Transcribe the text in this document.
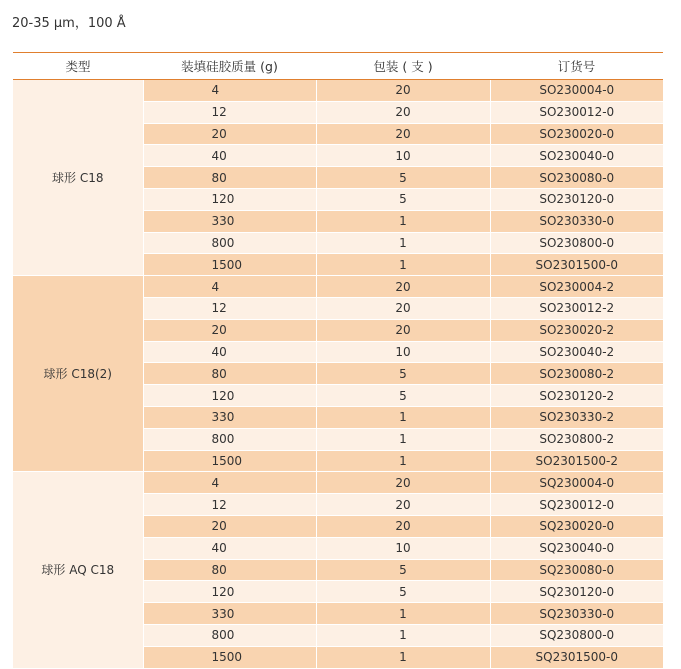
20-35 μm，100 Å
类型	装填硅胶质量 (g)	包装 ( 支 )	订货号
球形 C18	4	20	SO230004-0
	12	20	SO230012-0
	20	20	SO230020-0
	40	10	SO230040-0
	80	5	SO230080-0
	120	5	SO230120-0
	330	1	SO230330-0
	800	1	SO230800-0
	1500	1	SO2301500-0
球形 C18(2)	4	20	SO230004-2
	12	20	SO230012-2
	20	20	SO230020-2
	40	10	SO230040-2
	80	5	SO230080-2
	120	5	SO230120-2
	330	1	SO230330-2
	800	1	SO230800-2
	1500	1	SO2301500-2
球形 AQ C18	4	20	SQ230004-0
	12	20	SQ230012-0
	20	20	SQ230020-0
	40	10	SQ230040-0
	80	5	SQ230080-0
	120	5	SQ230120-0
	330	1	SQ230330-0
	800	1	SQ230800-0
	1500	1	SQ2301500-0
